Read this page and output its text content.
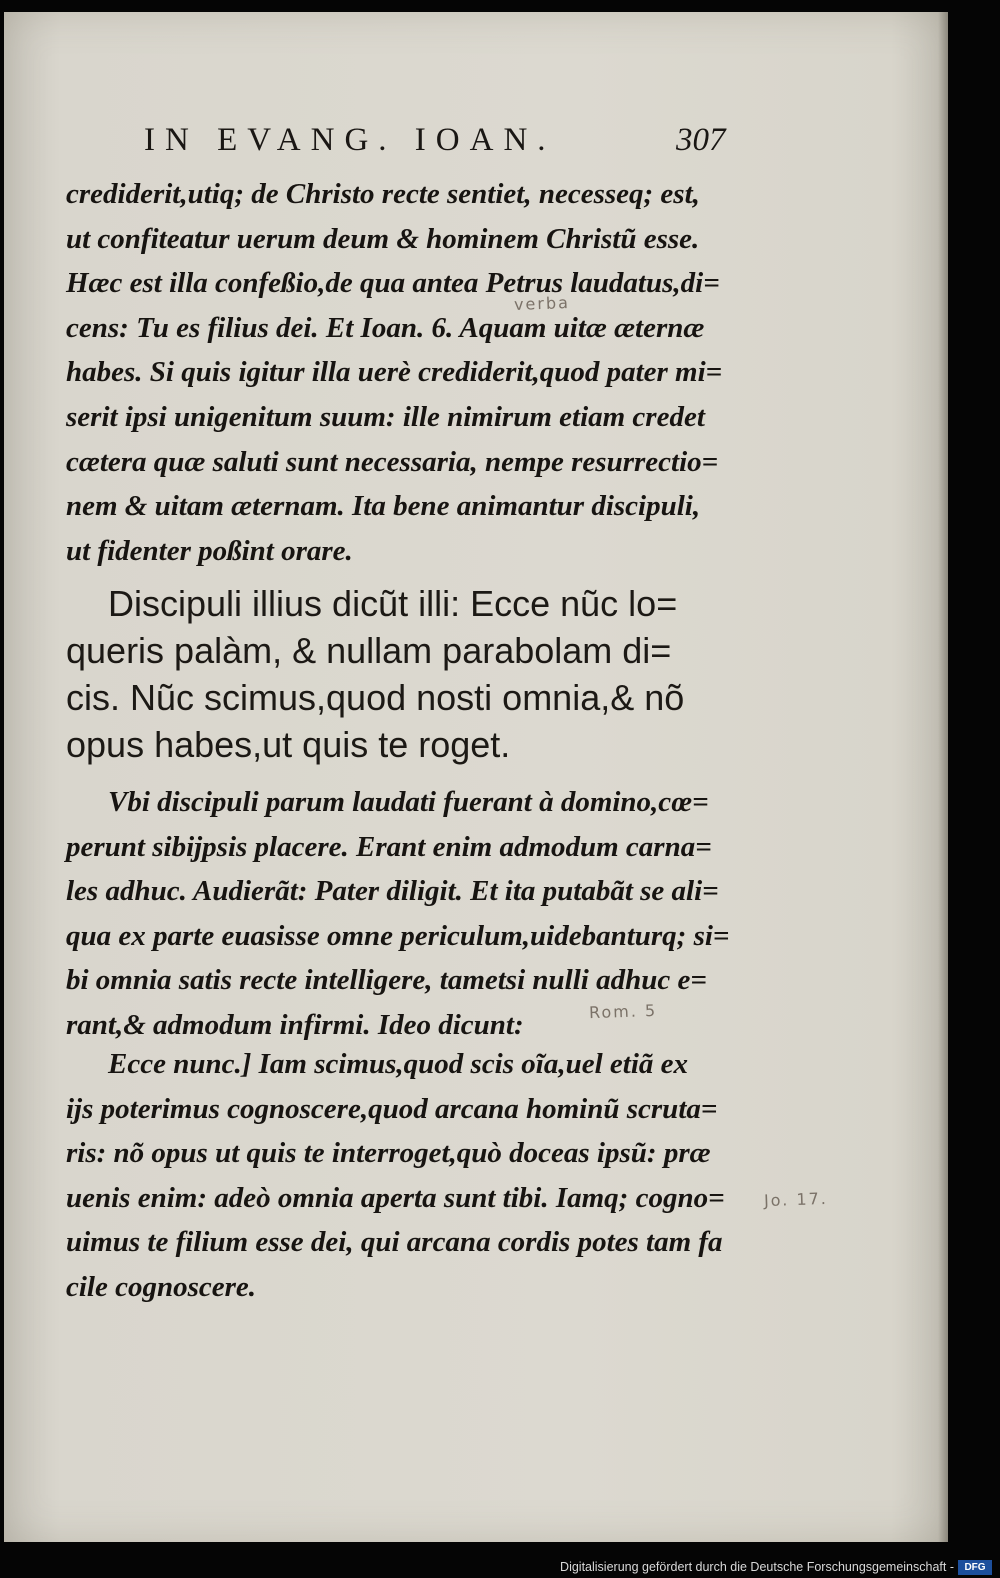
IN EVANG. IOAN.	307
crediderit,utiq; de Christo recte sentiet, necesseq; est,
ut confiteatur uerum deum & hominem Christũ esse.
Hæc est illa confeßio,de qua antea Petrus laudatus,di=
cens: Tu es filius dei. Et Ioan. 6. Aquam uitæ æternæ
habes. Si quis igitur illa uerè crediderit,quod pater mi=
serit ipsi unigenitum suum: ille nimirum etiam credet
cætera quæ saluti sunt necessaria, nempe resurrectio=
nem & uitam æternam. Ita bene animantur discipuli,
ut fidenter poßint orare.
Discipuli illius dicũt illi: Ecce nũc lo=
queris palàm, & nullam parabolam di=
cis. Nũc scimus,quod nosti omnia,& nõ
opus habes,ut quis te roget.
Vbi discipuli parum laudati fuerant à domino,cœ=
perunt sibijpsis placere. Erant enim admodum carna=
les adhuc. Audierãt: Pater diligit. Et ita putabãt se ali=
qua ex parte euasisse omne periculum,uidebanturq; si=
bi omnia satis recte intelligere, tametsi nulli adhuc e=
rant,& admodum infirmi. Ideo dicunt:
Ecce nunc.] Iam scimus,quod scis oĩa,uel etiã ex
ijs poterimus cognoscere,quod arcana hominũ scruta=
ris: nõ opus ut quis te interroget,quò doceas ipsũ: præ
uenis enim: adeò omnia aperta sunt tibi. Iamq; cogno=
uimus te filium esse dei, qui arcana cordis potes tam fa
cile cognoscere.
verba
Rom. 5
Jo. 17.
Digitalisierung gefördert durch die Deutsche Forschungsgemeinschaft -	DFG
